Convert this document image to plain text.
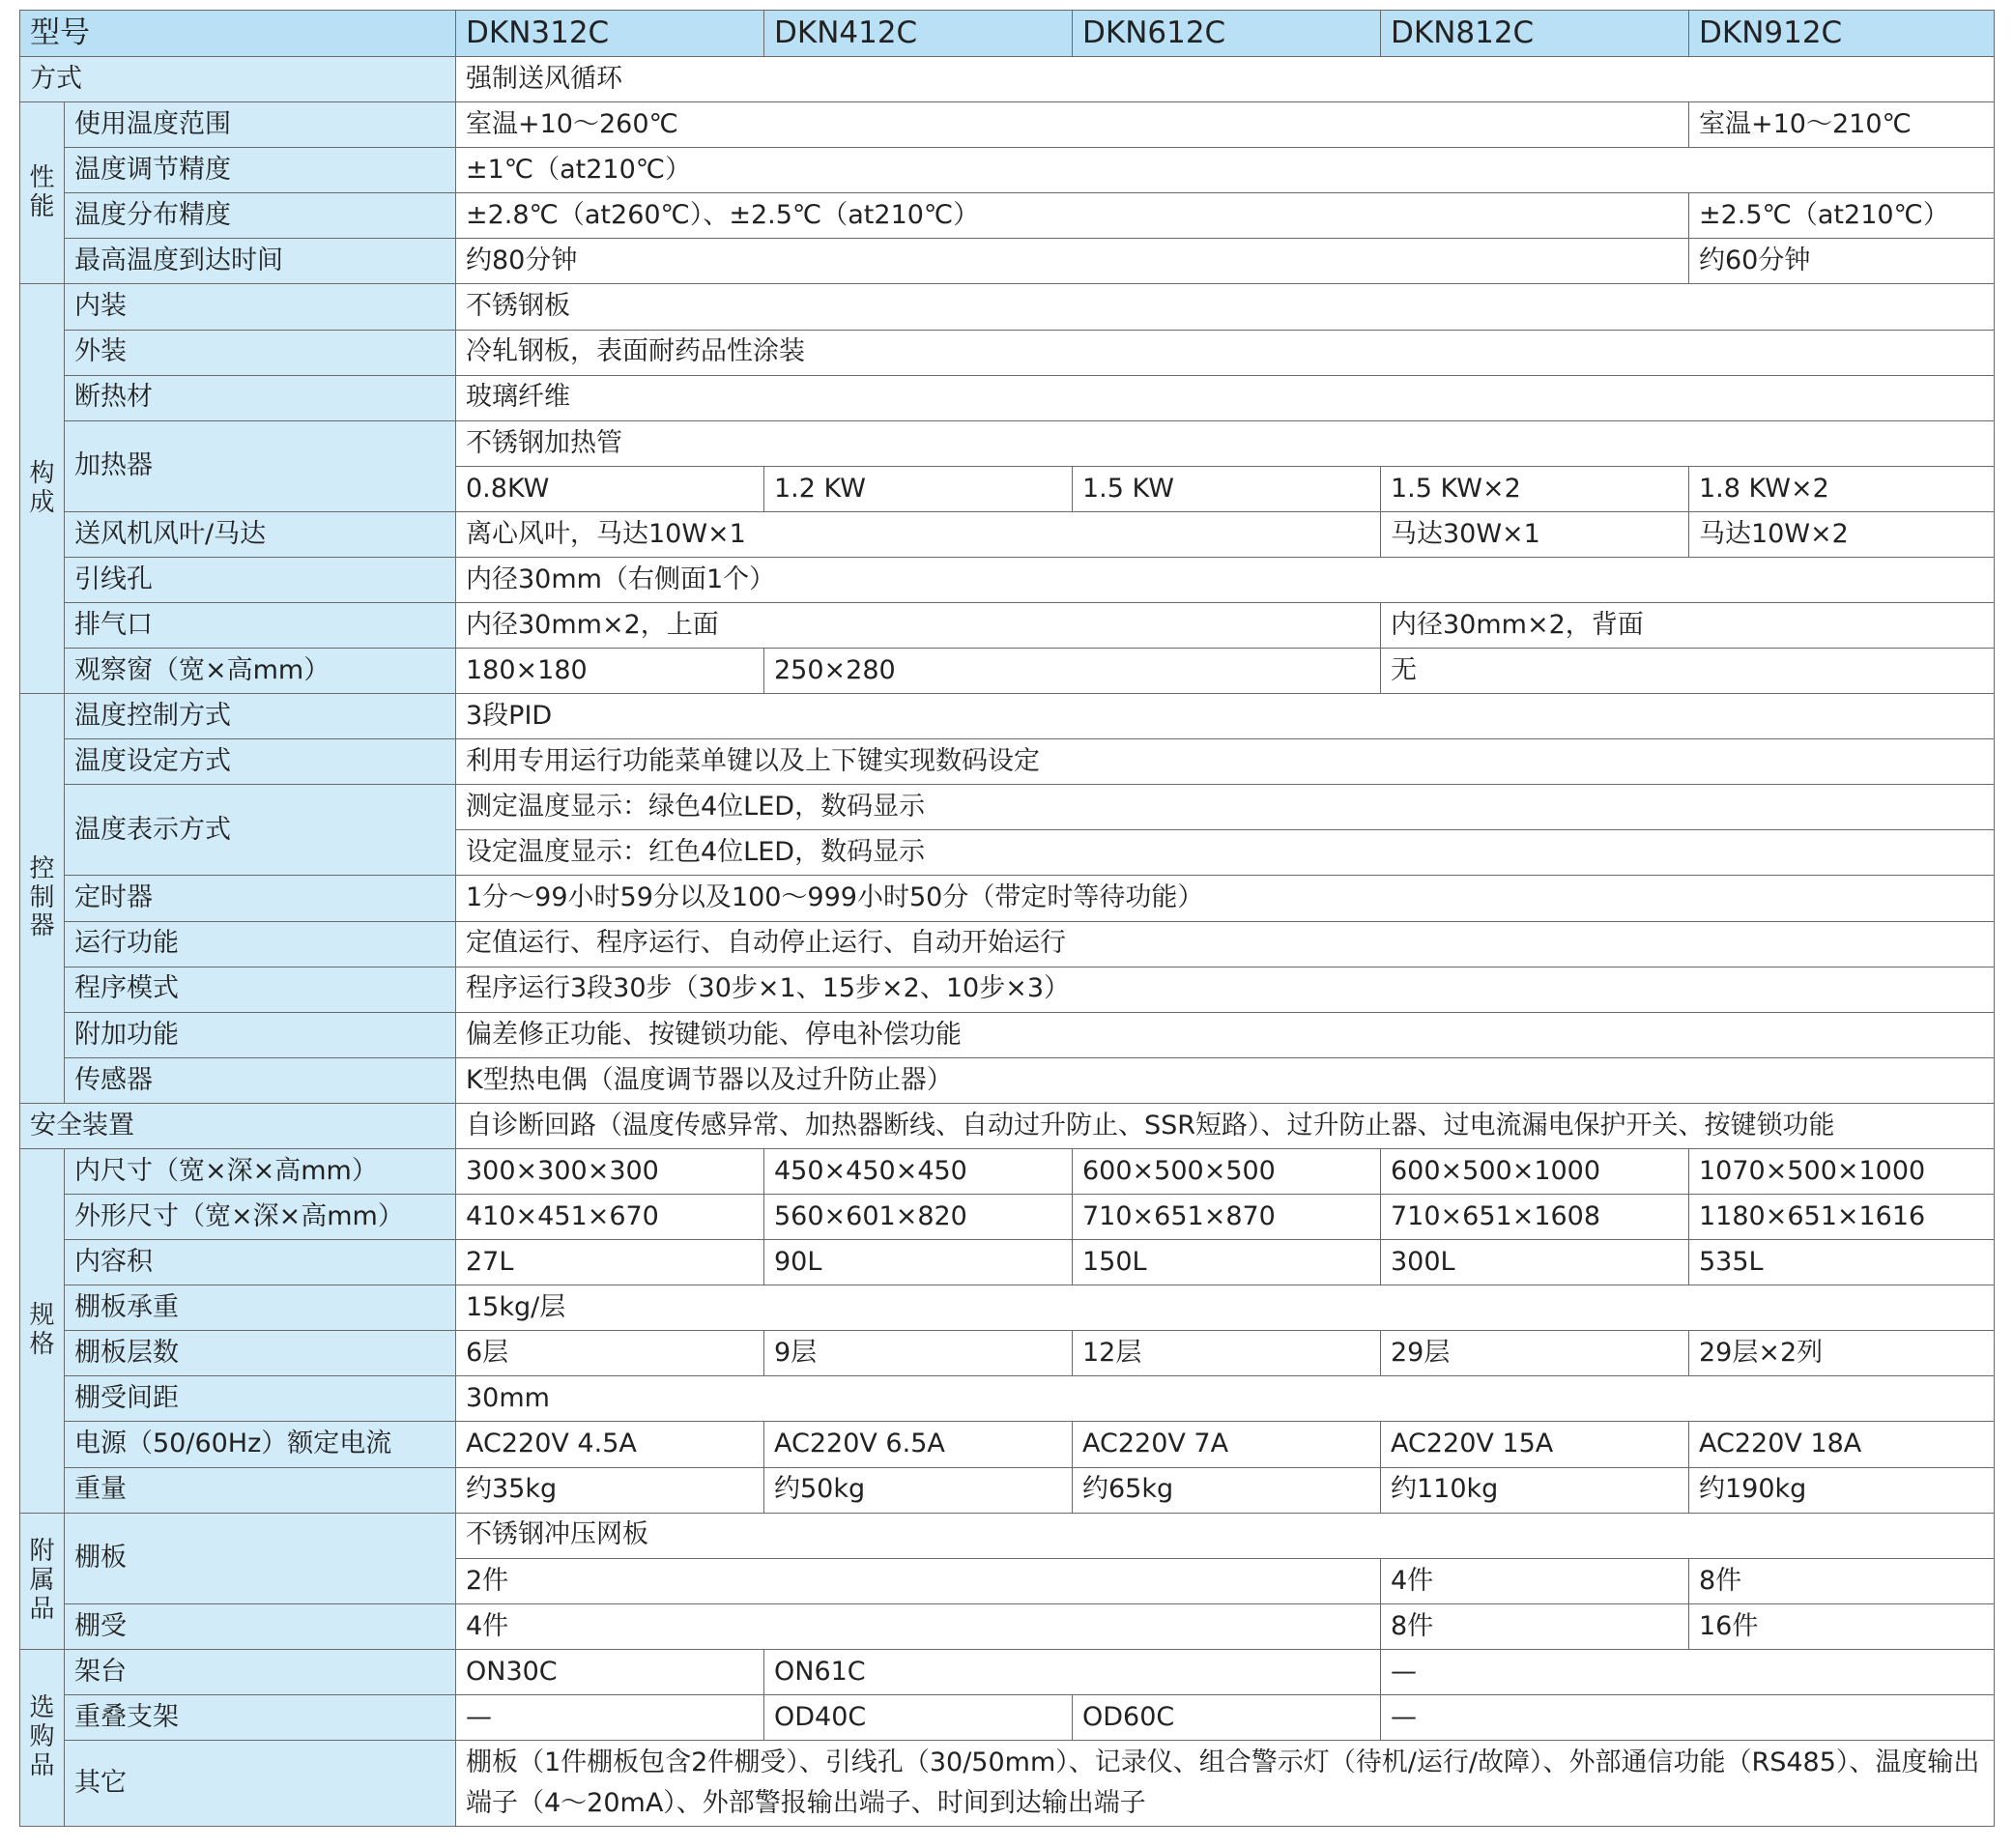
型号		DKN312C	DKN412C	DKN612C	DKN812C	DKN912C
方式		强制送风循环				
性能	使用温度范围	室温+10～260℃				室温+10～210℃
	温度调节精度	±1℃（at210℃）				
	温度分布精度	±2.8℃（at260℃）、±2.5℃（at210℃）				±2.5℃（at210℃）
	最高温度到达时间	约80分钟				约60分钟
构成	内装	不锈钢板				
	外装	冷轧钢板，表面耐药品性涂装				
	断热材	玻璃纤维				
	加热器	不锈钢加热管				
		0.8KW	1.2 KW	1.5 KW	1.5 KW×2	1.8 KW×2
	送风机风叶/马达	离心风叶，马达10W×1			马达30W×1	马达10W×2
	引线孔	内径30mm（右侧面1个）				
	排气口	内径30mm×2，上面			内径30mm×2，背面	
	观察窗（宽×高mm）	180×180	250×280		无	
控制器	温度控制方式	3段PID				
	温度设定方式	利用专用运行功能菜单键以及上下键实现数码设定				
	温度表示方式	测定温度显示：绿色4位LED，数码显示				
		设定温度显示：红色4位LED，数码显示				
	定时器	1分～99小时59分以及100～999小时50分（带定时等待功能）				
	运行功能	定值运行、程序运行、自动停止运行、自动开始运行				
	程序模式	程序运行3段30步（30步×1、15步×2、10步×3）				
	附加功能	偏差修正功能、按键锁功能、停电补偿功能				
	传感器	K型热电偶（温度调节器以及过升防止器）				
安全装置		自诊断回路（温度传感异常、加热器断线、自动过升防止、SSR短路）、过升防止器、过电流漏电保护开关、按键锁功能				
规格	内尺寸（宽×深×高mm）	300×300×300	450×450×450	600×500×500	600×500×1000	1070×500×1000
	外形尺寸（宽×深×高mm）	410×451×670	560×601×820	710×651×870	710×651×1608	1180×651×1616
	内容积	27L	90L	150L	300L	535L
	棚板承重	15kg/层				
	棚板层数	6层	9层	12层	29层	29层×2列
	棚受间距	30mm				
	电源（50/60Hz）额定电流	AC220V 4.5A	AC220V 6.5A	AC220V 7A	AC220V 15A	AC220V 18A
	重量	约35kg	约50kg	约65kg	约110kg	约190kg
附属品	棚板	不锈钢冲压网板				
		2件			4件	8件
	棚受	4件			8件	16件
选购品	架台	ON30C	ON61C		—	
	重叠支架	—	OD40C	OD60C	—	
	其它	棚板（1件棚板包含2件棚受）、引线孔（30/50mm）、记录仪、组合警示灯（待机/运行/故障）、外部通信功能（RS485）、温度输出端子（4～20mA）、外部警报输出端子、时间到达输出端子				
